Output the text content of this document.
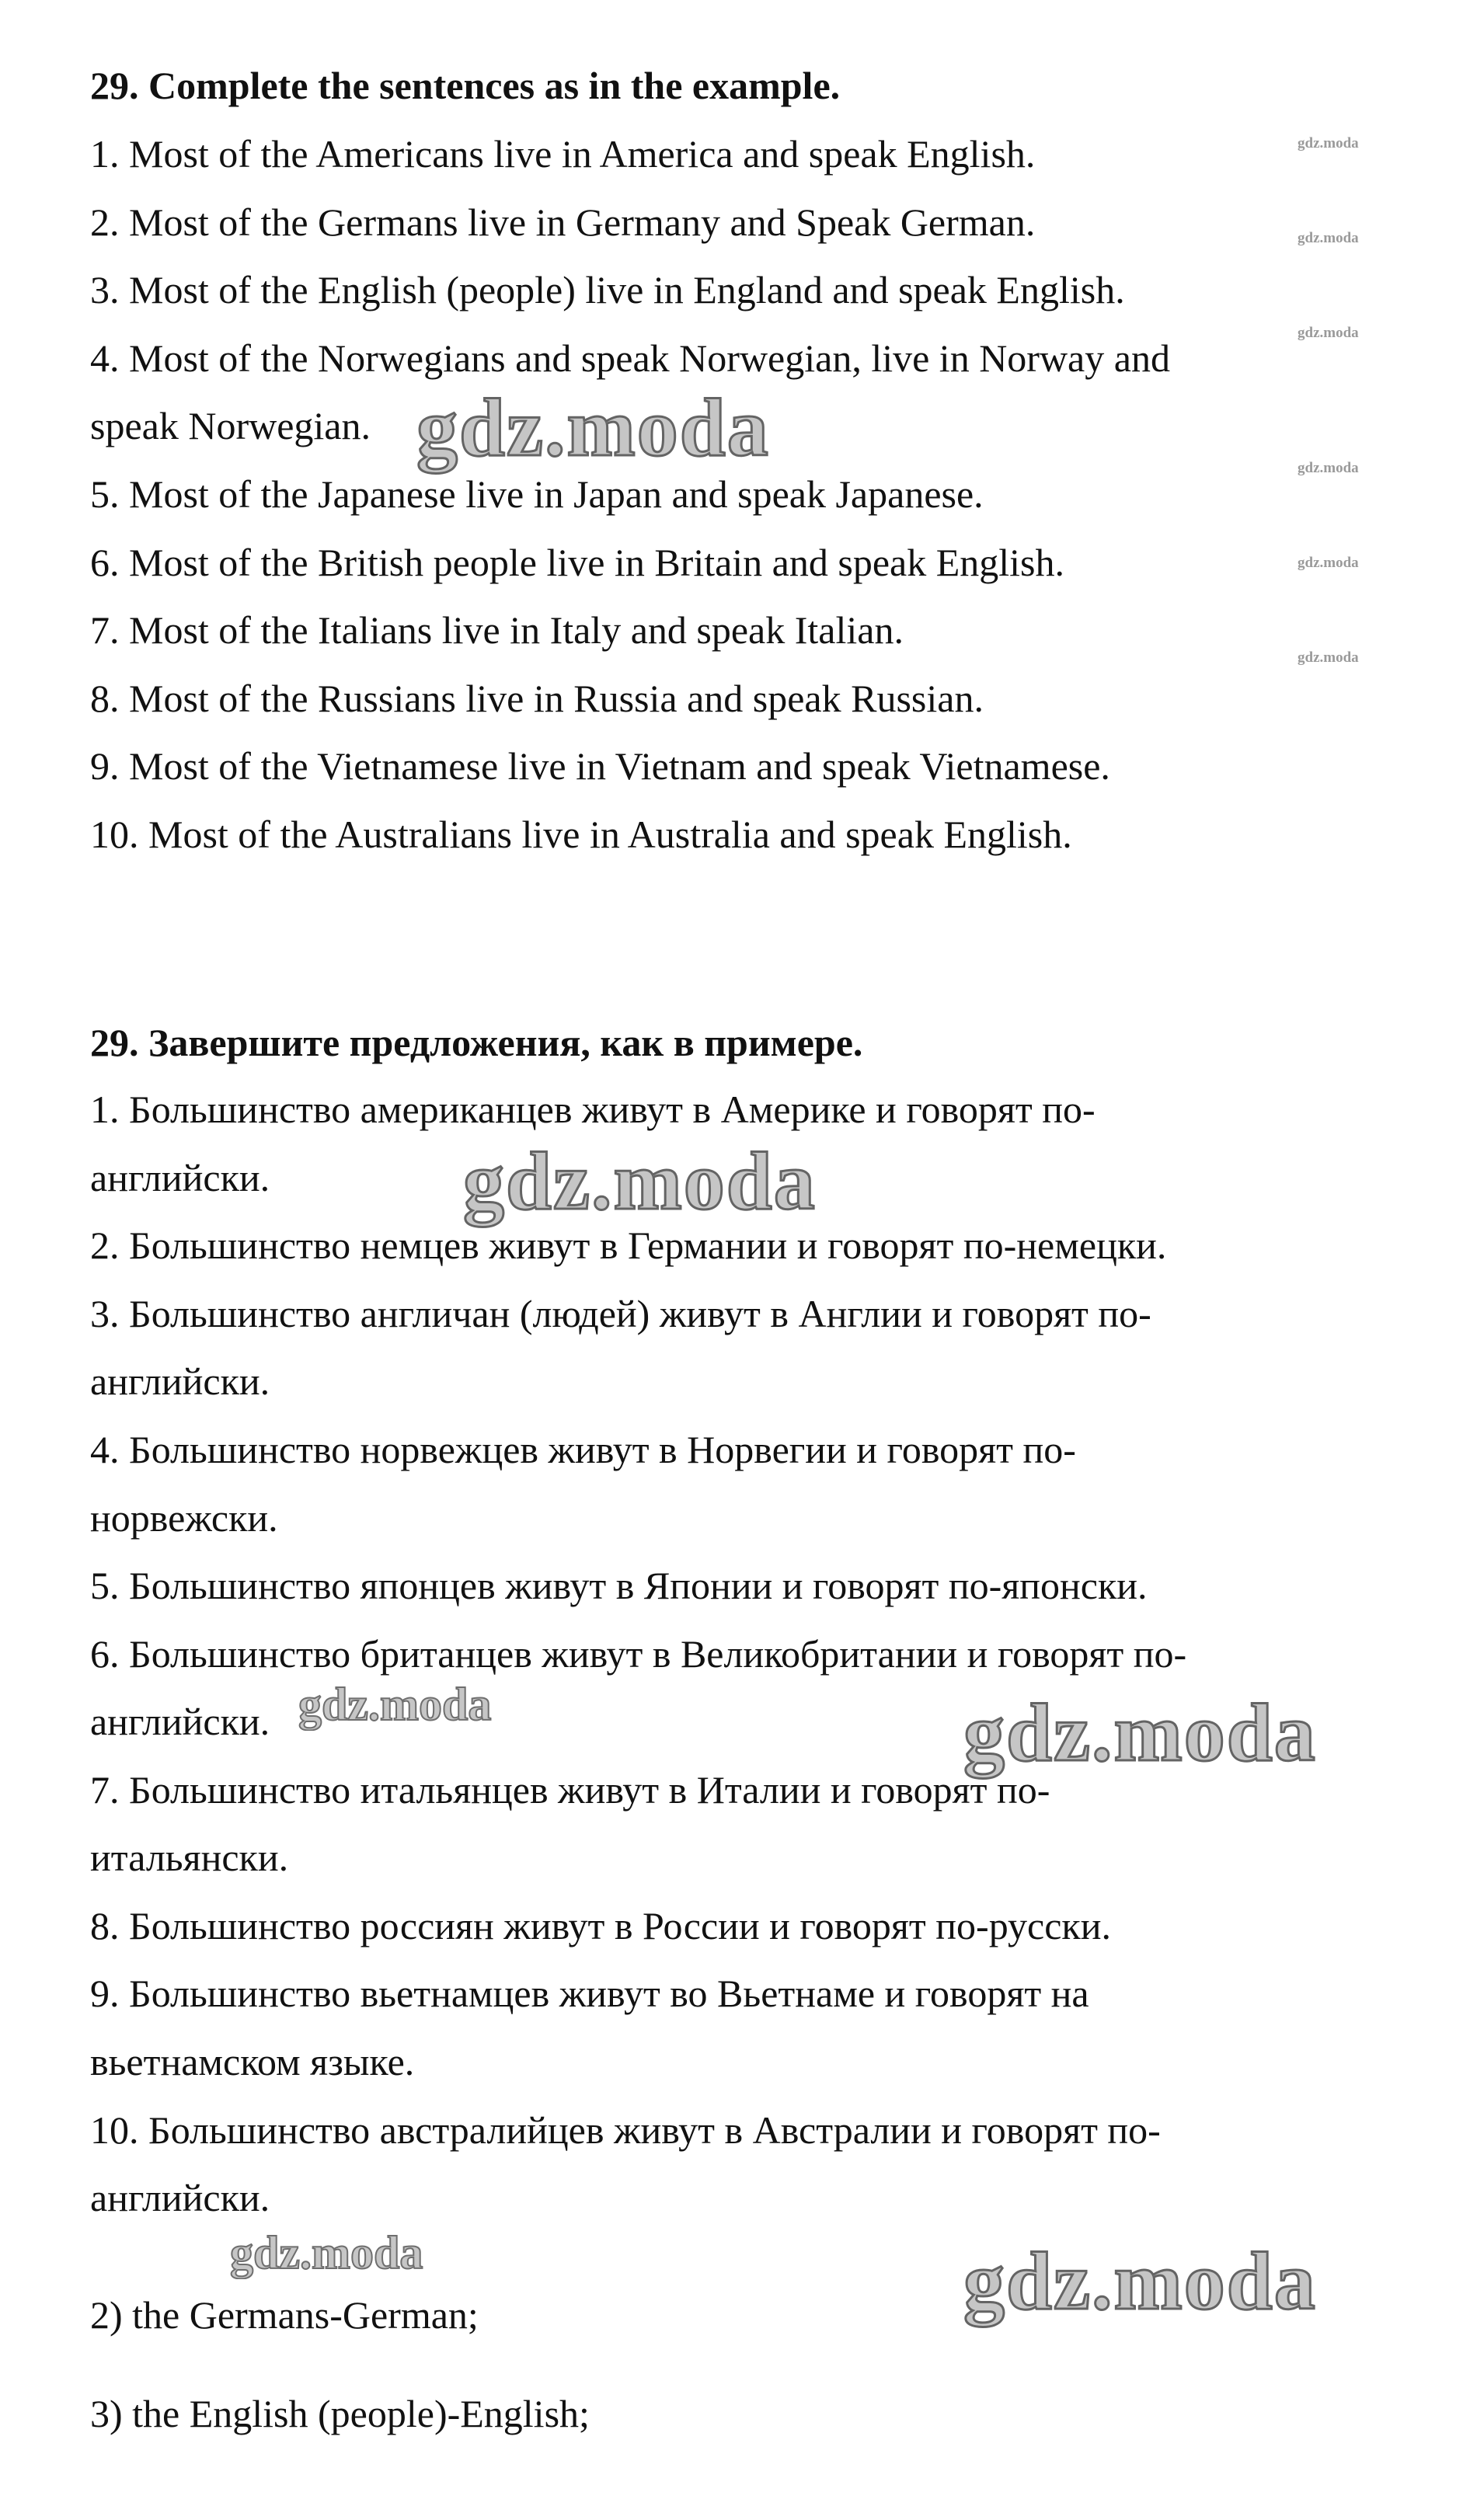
29. Complete the sentences as in the example.
1. Most of the Americans live in America and speak English.
2. Most of the Germans live in Germany and Speak German.
3. Most of the English (people) live in England and speak English.
4. Most of the Norwegians and speak Norwegian, live in Norway and
speak Norwegian.
5. Most of the Japanese live in Japan and speak Japanese.
6. Most of the British people live in Britain and speak English.
7. Most of the Italians live in Italy and speak Italian.
8. Most of the Russians live in Russia and speak Russian.
9. Most of the Vietnamese live in Vietnam and speak Vietnamese.
10. Most of the Australians live in Australia and speak English.
29. Завершите предложения, как в примере.
1. Большинство американцев живут в Америке и говорят по-
английски.
2. Большинство немцев живут в Германии и говорят по-немецки.
3. Большинство англичан (людей) живут в Англии и говорят по-
английски.
4. Большинство норвежцев живут в Норвегии и говорят по-
норвежски.
5. Большинство японцев живут в Японии и говорят по-японски.
6. Большинство британцев живут в Великобритании и говорят по-
английски.
7. Большинство итальянцев живут в Италии и говорят по-
итальянски.
8. Большинство россиян живут в России и говорят по-русски.
9. Большинство вьетнамцев живут во Вьетнаме и говорят на
вьетнамском языке.
10. Большинство австралийцев живут в Австралии и говорят по-
английски.
2) the Germans-German;
3) the English (people)-English;
gdz.moda
gdz.moda
gdz.moda
gdz.moda
gdz.moda
gdz.moda
gdz.moda
gdz.moda
gdz.moda
gdz.moda
gdz.moda
gdz.moda
